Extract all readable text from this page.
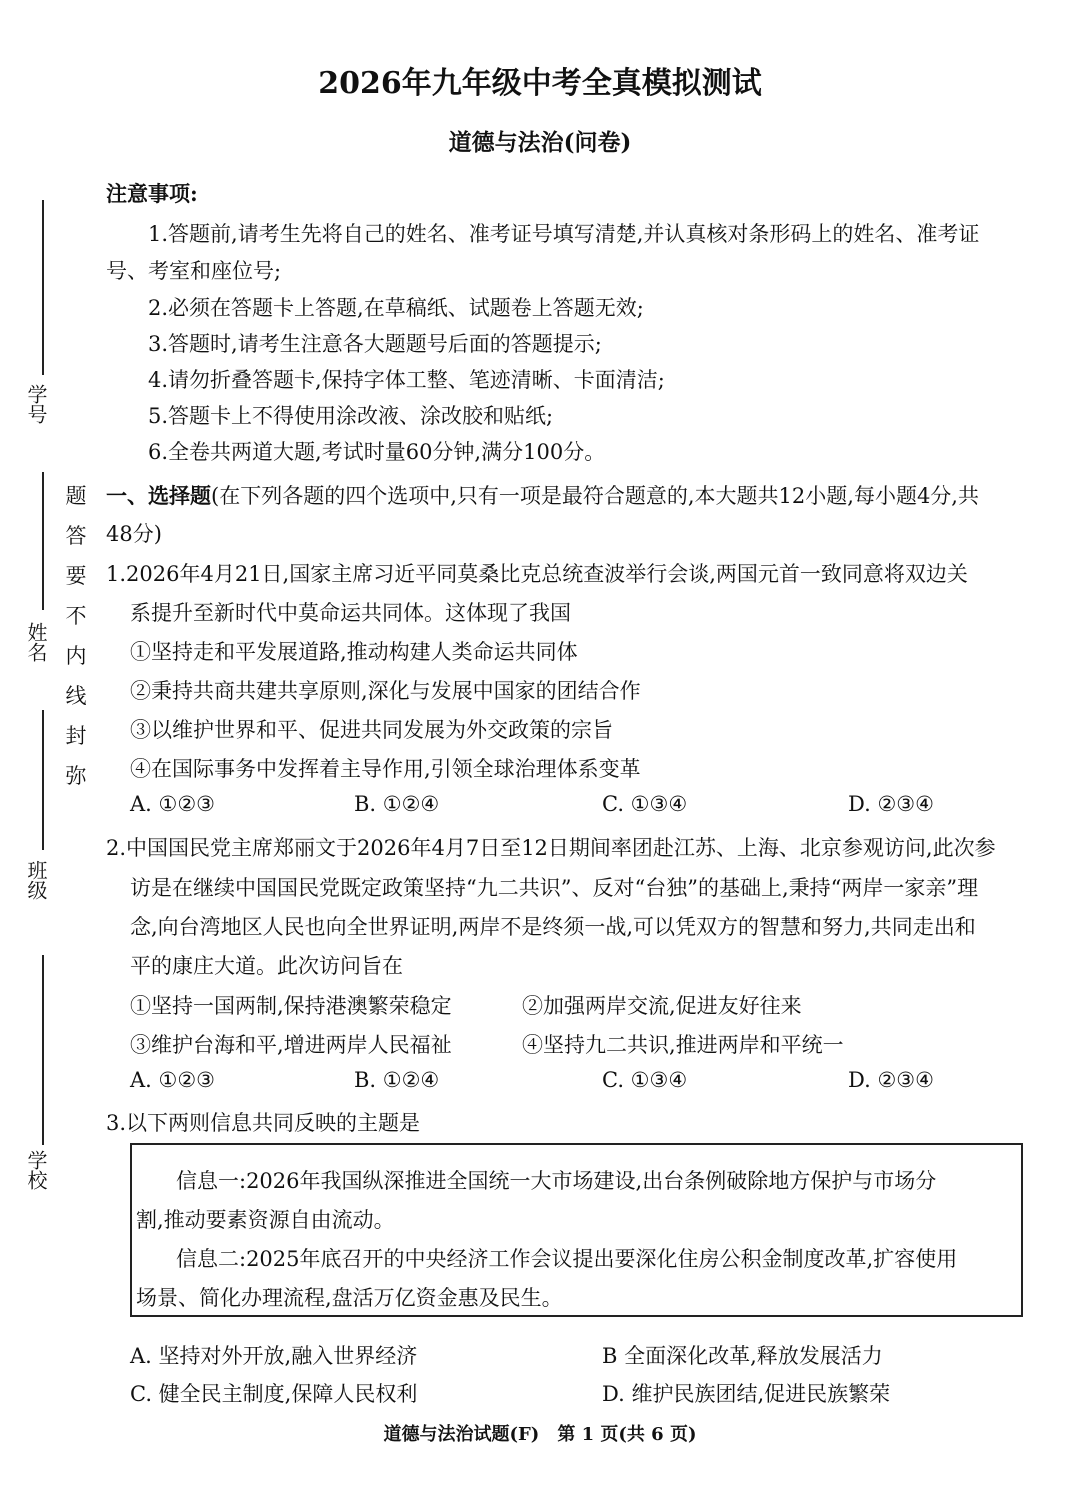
学号
姓名
班级
学校
题
答
要
不
内
线
封
弥
2026年九年级中考全真模拟测试
道德与法治(问卷)
注意事项:
1.答题前,请考生先将自己的姓名、准考证号填写清楚,并认真核对条形码上的姓名、准考证
号、考室和座位号;
2.必须在答题卡上答题,在草稿纸、试题卷上答题无效;
3.答题时,请考生注意各大题题号后面的答题提示;
4.请勿折叠答题卡,保持字体工整、笔迹清晰、卡面清洁;
5.答题卡上不得使用涂改液、涂改胶和贴纸;
6.全卷共两道大题,考试时量60分钟,满分100分。
一、选择题(在下列各题的四个选项中,只有一项是最符合题意的,本大题共12小题,每小题4分,共
48分)
1.2026年4月21日,国家主席习近平同莫桑比克总统查波举行会谈,两国元首一致同意将双边关
系提升至新时代中莫命运共同体。这体现了我国
①坚持走和平发展道路,推动构建人类命运共同体
②秉持共商共建共享原则,深化与发展中国家的团结合作
③以维护世界和平、促进共同发展为外交政策的宗旨
④在国际事务中发挥着主导作用,引领全球治理体系变革
A. ①②③	B. ①②④	C. ①③④	D. ②③④
2.中国国民党主席郑丽文于2026年4月7日至12日期间率团赴江苏、上海、北京参观访问,此次参
访是在继续中国国民党既定政策坚持“九二共识”、反对“台独”的基础上,秉持“两岸一家亲”理
念,向台湾地区人民也向全世界证明,两岸不是终须一战,可以凭双方的智慧和努力,共同走出和
平的康庄大道。此次访问旨在
①坚持一国两制,保持港澳繁荣稳定	②加强两岸交流,促进友好往来
③维护台海和平,增进两岸人民福祉	④坚持九二共识,推进两岸和平统一
A. ①②③	B. ①②④	C. ①③④	D. ②③④
3.以下两则信息共同反映的主题是
信息一:2026年我国纵深推进全国统一大市场建设,出台条例破除地方保护与市场分
割,推动要素资源自由流动。
信息二:2025年底召开的中央经济工作会议提出要深化住房公积金制度改革,扩容使用
场景、简化办理流程,盘活万亿资金惠及民生。
A. 坚持对外开放,融入世界经济	B 全面深化改革,释放发展活力
C. 健全民主制度,保障人民权利	D. 维护民族团结,促进民族繁荣
道德与法治试题(F)　第 1 页(共 6 页)
